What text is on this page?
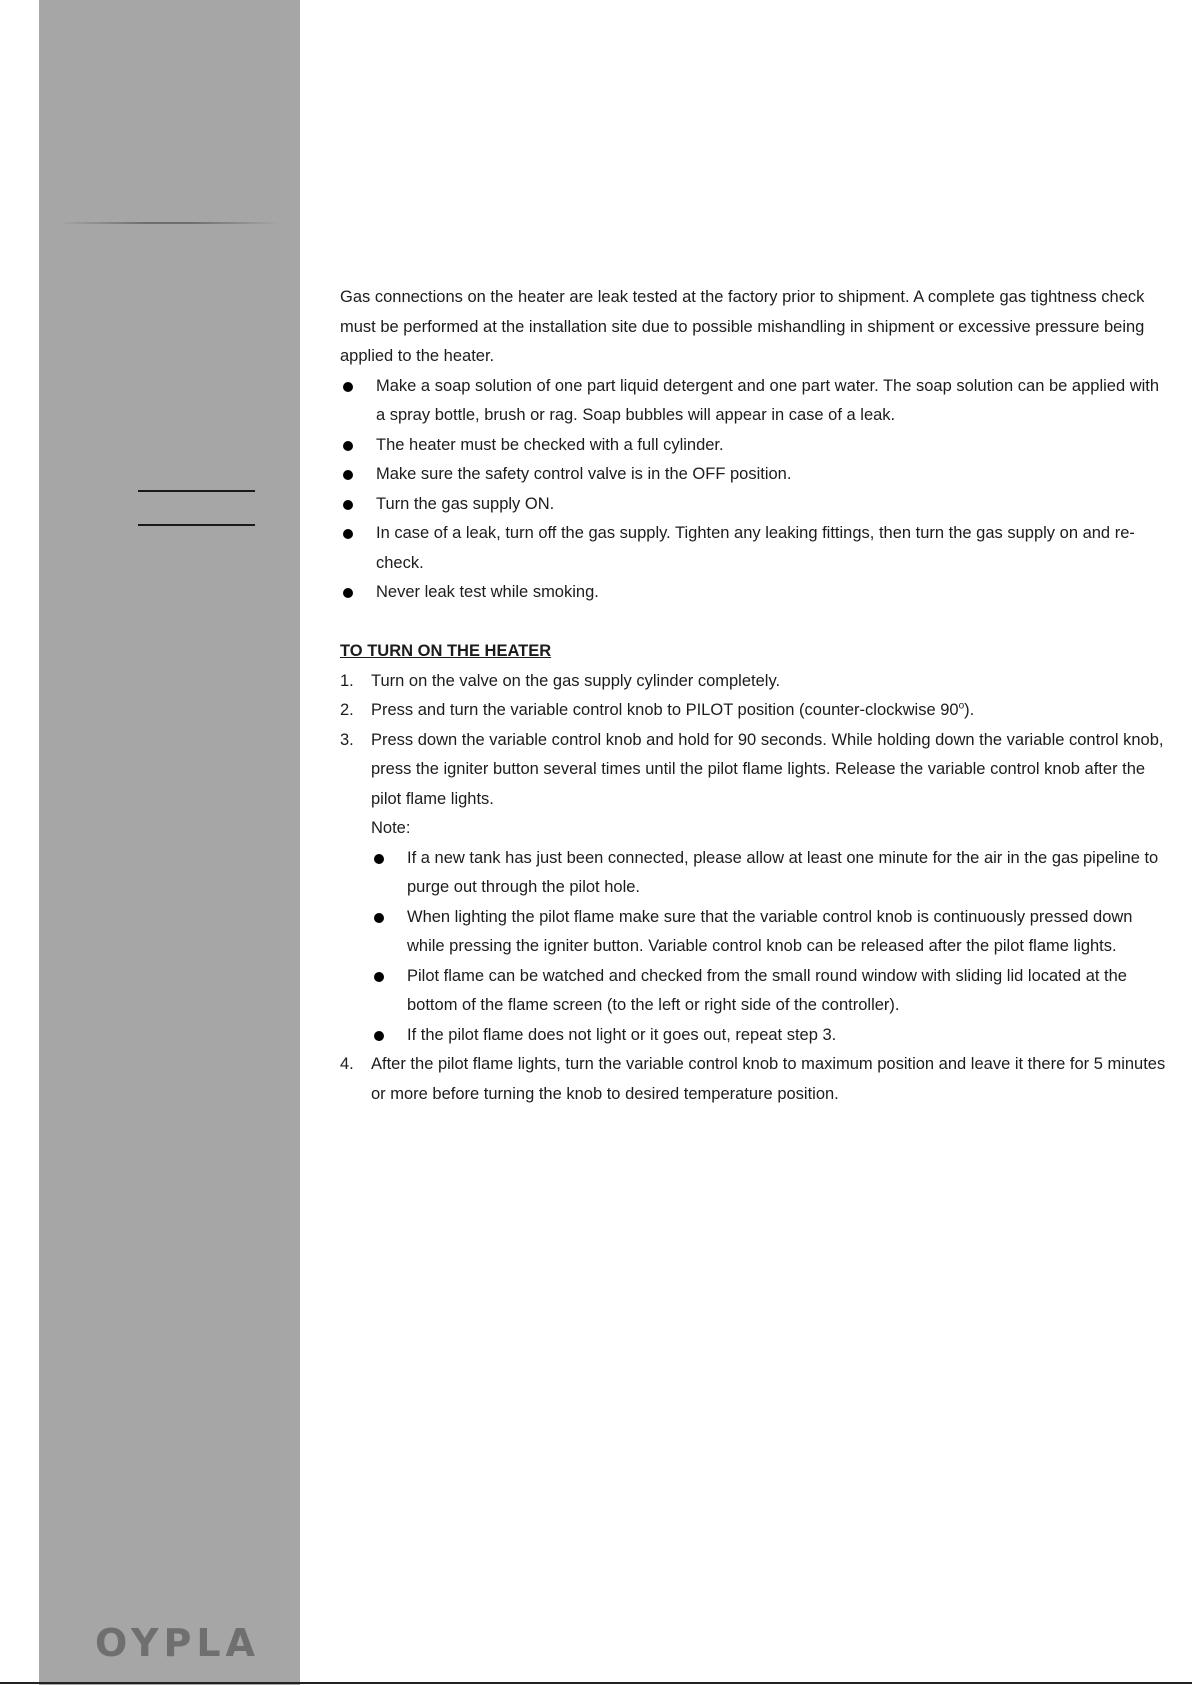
OYPLA

Gas connections on the heater are leak tested at the factory prior to shipment. A complete gas tightness check must be performed at the installation site due to possible mishandling in shipment or excessive pressure being applied to the heater.

Make a soap solution of one part liquid detergent and one part water. The soap solution can be applied with a spray bottle, brush or rag. Soap bubbles will appear in case of a leak.
The heater must be checked with a full cylinder.
Make sure the safety control valve is in the OFF position.
Turn the gas supply ON.
In case of a leak, turn off the gas supply. Tighten any leaking fittings, then turn the gas supply on and re-check.
Never leak test while smoking.

TO TURN ON THE HEATER

1. Turn on the valve on the gas supply cylinder completely.
2. Press and turn the variable control knob to PILOT position (counter-clockwise 90$^o$).
3. Press down the variable control knob and hold for 90 seconds. While holding down the variable control knob, press the igniter button several times until the pilot flame lights. Release the variable control knob after the pilot flame lights.
Note:
If a new tank has just been connected, please allow at least one minute for the air in the gas pipeline to purge out through the pilot hole.
When lighting the pilot flame make sure that the variable control knob is continuously pressed down while pressing the igniter button. Variable control knob can be released after the pilot flame lights.
Pilot flame can be watched and checked from the small round window with sliding lid located at the bottom of the flame screen (to the left or right side of the controller).
If the pilot flame does not light or it goes out, repeat step 3.
4. After the pilot flame lights, turn the variable control knob to maximum position and leave it there for 5 minutes or more before turning the knob to desired temperature position.
